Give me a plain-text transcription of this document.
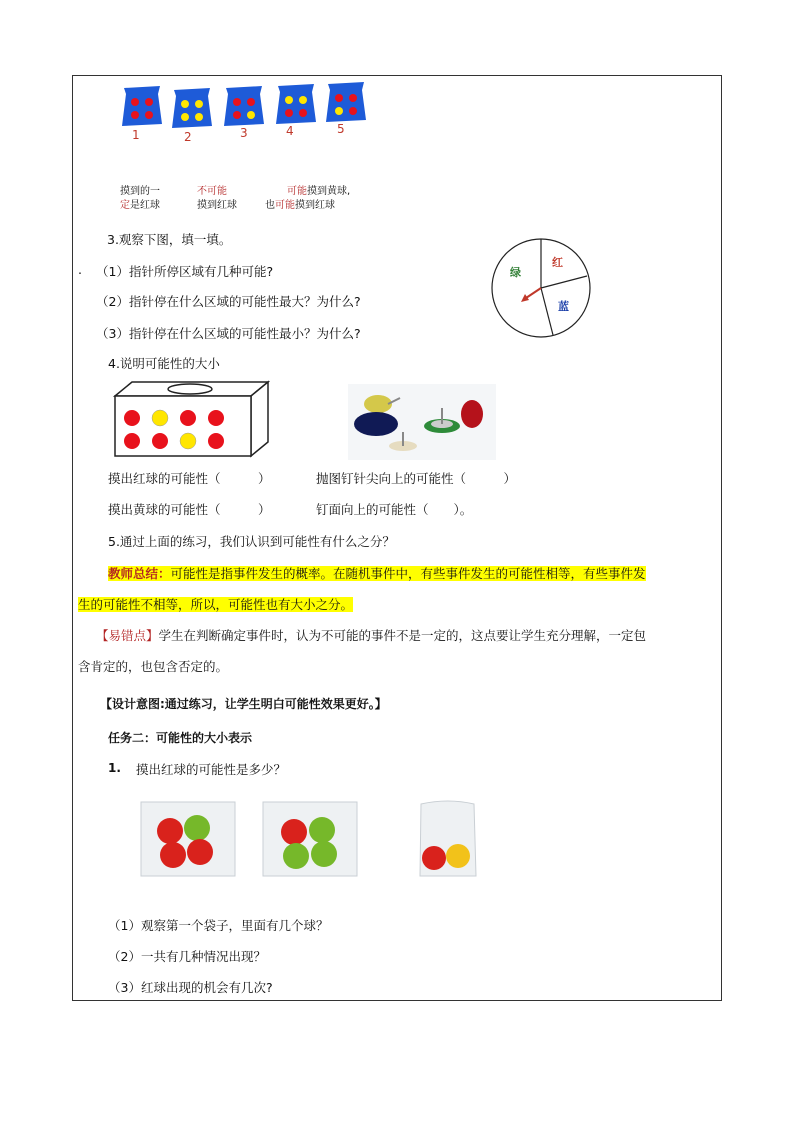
1	2	3	4	5
摸到的一
定是红球
不可能
摸到红球
可能摸到黄球,
也可能摸到红球
3.观察下图，填一填。
. （1）指针所停区域有几种可能?
（2）指针停在什么区域的可能性最大？为什么?
（3）指针停在什么区域的可能性最小？为什么?
绿
红
蓝
4.说明可能性的大小
摸出红球的可能性（　　　）	抛图钉针尖向上的可能性（　　　）
摸出黄球的可能性（　　　）	钉面向上的可能性（　　）。
5.通过上面的练习，我们认识到可能性有什么之分？
教师总结：可能性是指事件发生的概率。在随机事件中，有些事件发生的可能性相等，有些事件发
生的可能性不相等，所以，可能性也有大小之分。
【易错点】学生在判断确定事件时，认为不可能的事件不是一定的，这点要让学生充分理解，一定包
含肯定的，也包含否定的。
【设计意图:通过练习，让学生明白可能性效果更好。】
任务二：可能性的大小表示
1. 摸出红球的可能性是多少？
（1）观察第一个袋子，里面有几个球？
（2）一共有几种情况出现？
（3）红球出现的机会有几次?
